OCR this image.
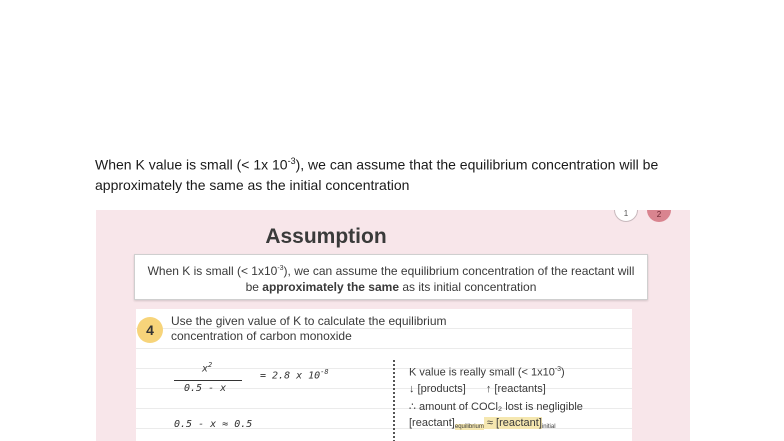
When K value is small (< 1x $10^{-3}$), we can assume that the equilibrium concentration will be
approximately the same as the initial concentration
1	2
Assumption
When K is small (< $1x10^{-3}$), we can assume the equilibrium concentration of the reactant will be approximately the same as its initial concentration
4
Use the given value of K to calculate the equilibrium concentration of carbon monoxide
$x^2$
0.5 - x
= 2.8 x $10^{-8}$
0.5 - x ≈ 0.5
K value is really small (< $1x10^{-3}$)
↓ [products] ↑ [reactants]
∴ amount of COCl₂ lost is negligible
[reactant]equilibrium ≈ [reactant]initial
